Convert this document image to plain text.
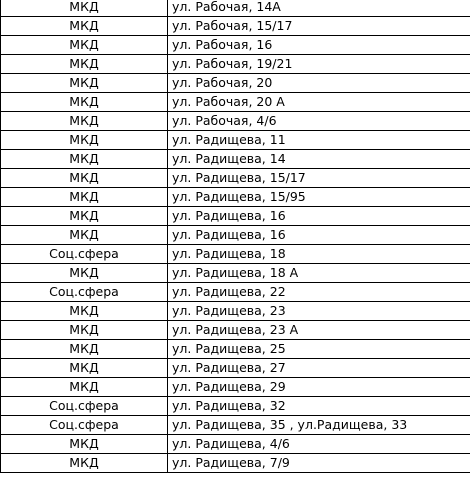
МКД	ул. Рабочая, 14А
МКД	ул. Рабочая, 15/17
МКД	ул. Рабочая, 16
МКД	ул. Рабочая, 19/21
МКД	ул. Рабочая, 20
МКД	ул. Рабочая, 20 А
МКД	ул. Рабочая, 4/6
МКД	ул. Радищева, 11
МКД	ул. Радищева, 14
МКД	ул. Радищева, 15/17
МКД	ул. Радищева, 15/95
МКД	ул. Радищева, 16
МКД	ул. Радищева, 16
Соц.сфера	ул. Радищева, 18
МКД	ул. Радищева, 18 А
Соц.сфера	ул. Радищева, 22
МКД	ул. Радищева, 23
МКД	ул. Радищева, 23 А
МКД	ул. Радищева, 25
МКД	ул. Радищева, 27
МКД	ул. Радищева, 29
Соц.сфера	ул. Радищева, 32
Соц.сфера	ул. Радищева, 35 , ул.Радищева, 33
МКД	ул. Радищева, 4/6
МКД	ул. Радищева, 7/9
